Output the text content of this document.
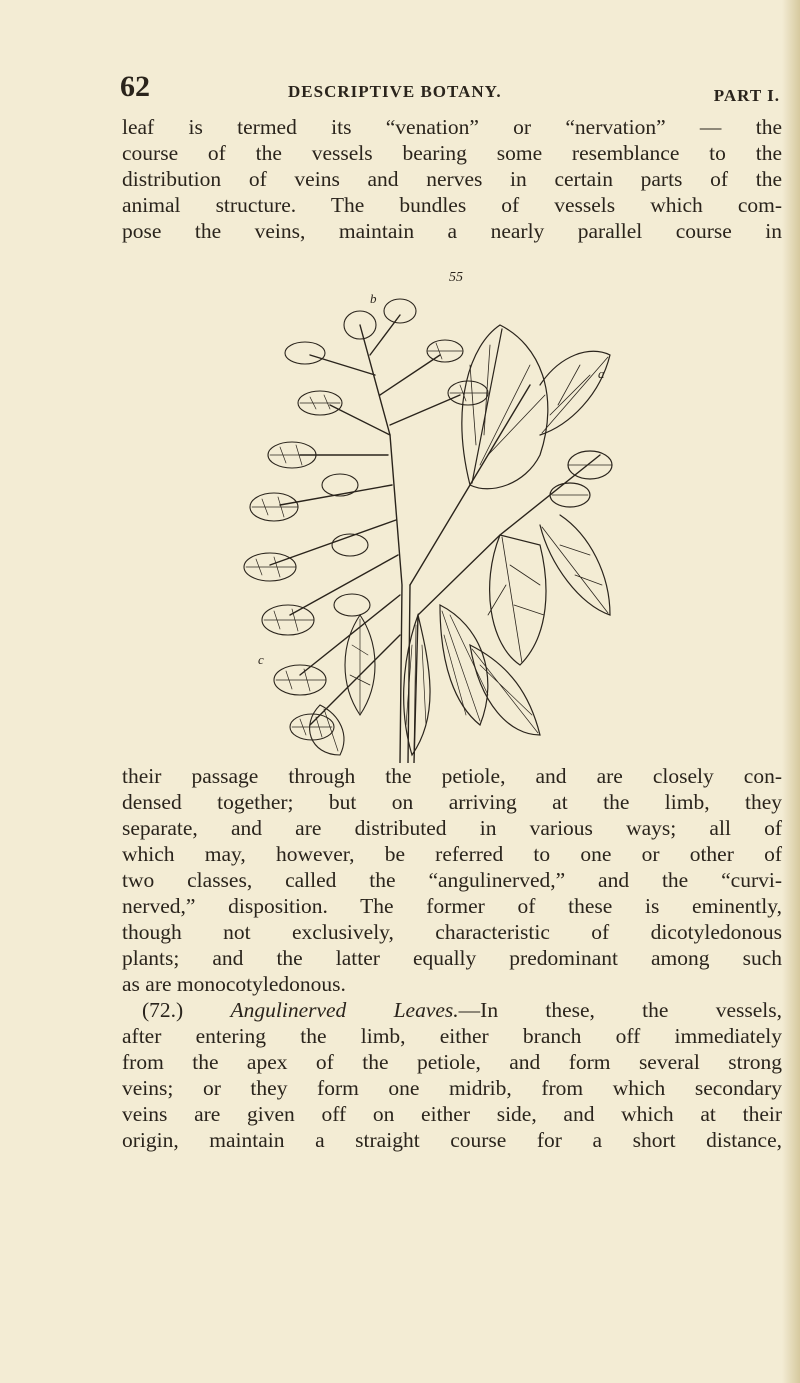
62	DESCRIPTIVE BOTANY.	PART I.
leaf is termed its “venation” or “nervation” — the
course of the vessels bearing some resemblance to the
distribution of veins and nerves in certain parts of the
animal structure. The bundles of vessels which com-
pose the veins, maintain a nearly parallel course in
55
b
a
c
their passage through the petiole, and are closely con-
densed together; but on arriving at the limb, they
separate, and are distributed in various ways; all of
which may, however, be referred to one or other of
two classes, called the “angulinerved,” and the “curvi-
nerved,” disposition. The former of these is eminently,
though not exclusively, characteristic of dicotyledonous
plants; and the latter equally predominant among such
as are monocotyledonous.
(72.) Angulinerved Leaves.—In these, the vessels,
after entering the limb, either branch off immediately
from the apex of the petiole, and form several strong
veins; or they form one midrib, from which secondary
veins are given off on either side, and which at their
origin, maintain a straight course for a short distance,
